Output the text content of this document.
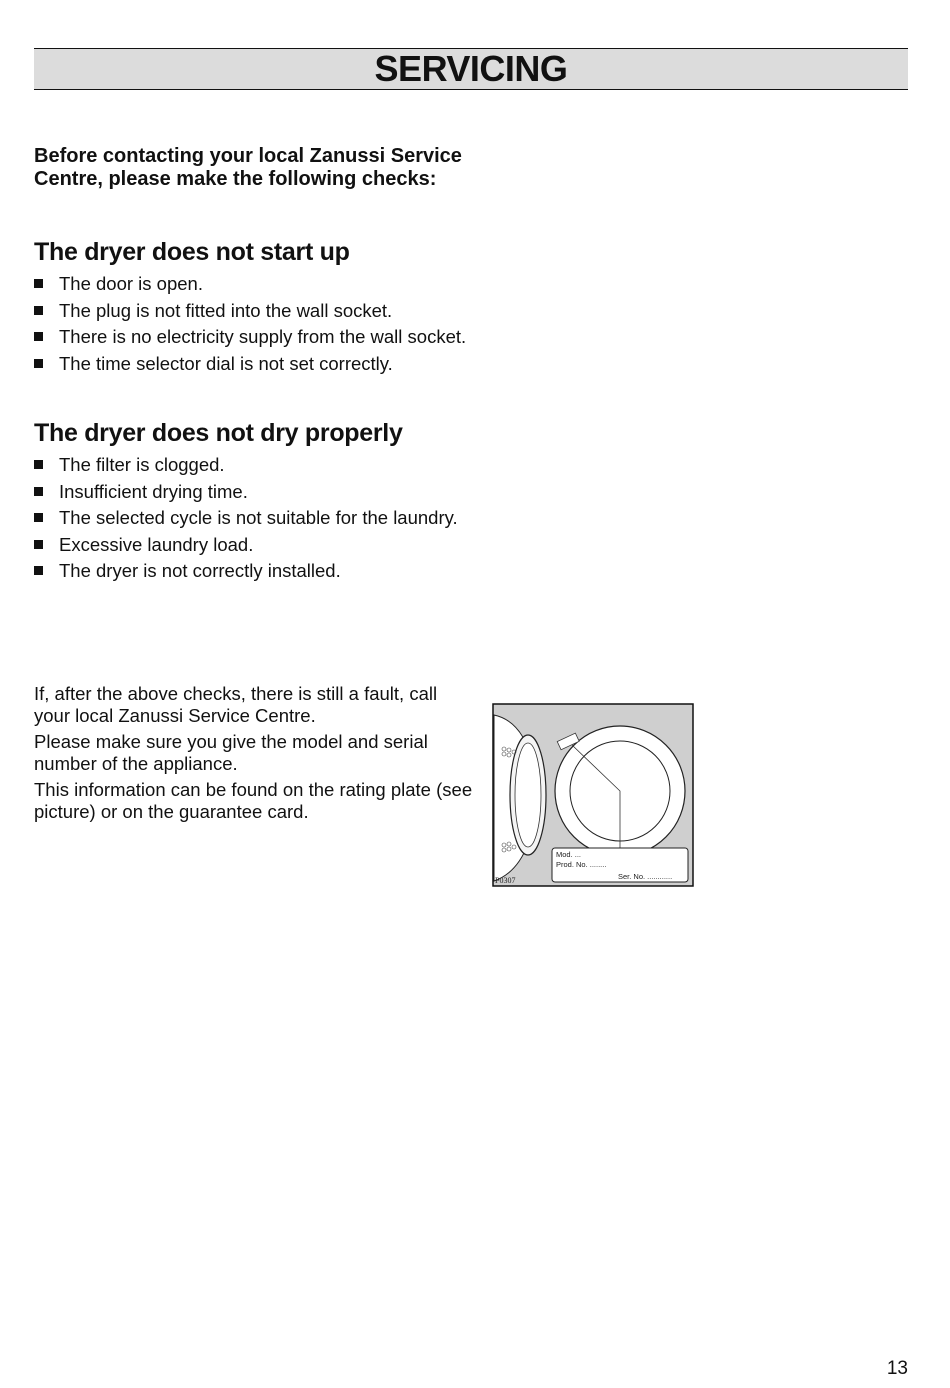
SERVICING

Before contacting your local Zanussi Service Centre, please make the following checks:

The dryer does not start up
The door is open.
The plug is not fitted into the wall socket.
There is no electricity supply from the wall socket.
The time selector dial is not set correctly.
The dryer does not dry properly
The filter is clogged.
Insufficient drying time.
The selected cycle is not suitable for the laundry.
Excessive laundry load.
The dryer is not correctly installed.

If, after the above checks, there is still a fault, call your local Zanussi Service Centre.

Please make sure you give the model and serial number of the appliance.

This information can be found on the rating plate (see picture) or on the guarantee card.

Mod. ...
Prod. No. ........
Ser. No. ............
P0307
13
